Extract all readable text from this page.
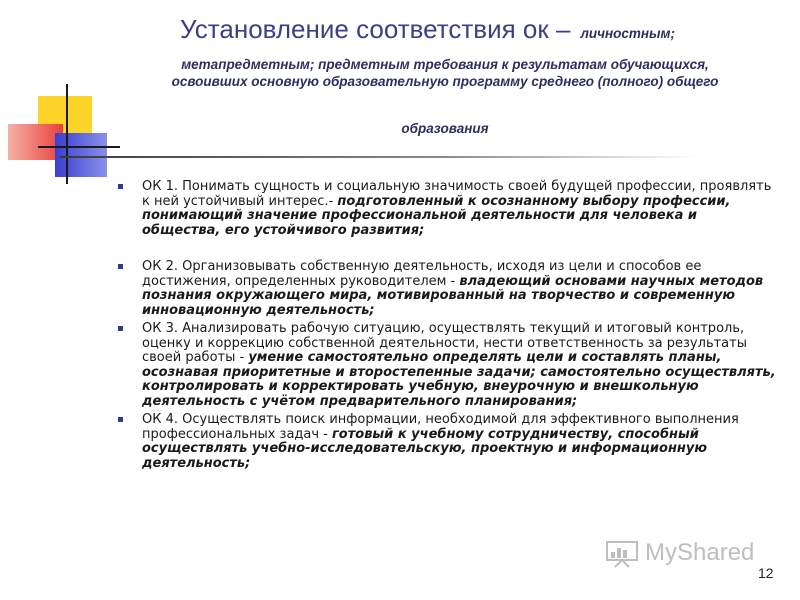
Установление соответствия ок – личностным;
метапредметным; предметным требования к результатам обучающихся,
освоивших основную образовательную программу среднего (полного) общего
образования
ОК 1. Понимать сущность и социальную значимость своей будущей профессии, проявлять к ней устойчивый интерес.- подготовленный к осознанному выбору профессии, понимающий значение профессиональной деятельности для человека и общества, его устойчивого развития;
ОК 2. Организовывать собственную деятельность, исходя из цели и способов ее достижения, определенных руководителем - владеющий основами научных методов познания окружающего мира, мотивированный на творчество и современную инновационную деятельность;
ОК 3. Анализировать рабочую ситуацию, осуществлять текущий и итоговый контроль, оценку и коррекцию собственной деятельности, нести ответственность за результаты своей работы - умение самостоятельно определять цели и составлять планы, осознавая приоритетные и второстепенные задачи; самостоятельно осуществлять, контролировать и корректировать учебную, внеурочную и внешкольную деятельность с учётом предварительного планирования;
ОК 4. Осуществлять поиск информации, необходимой для эффективного выполнения профессиональных задач - готовый к учебному сотрудничеству, способный осуществлять учебно-исследовательскую, проектную и информационную деятельность;
MyShared
12
